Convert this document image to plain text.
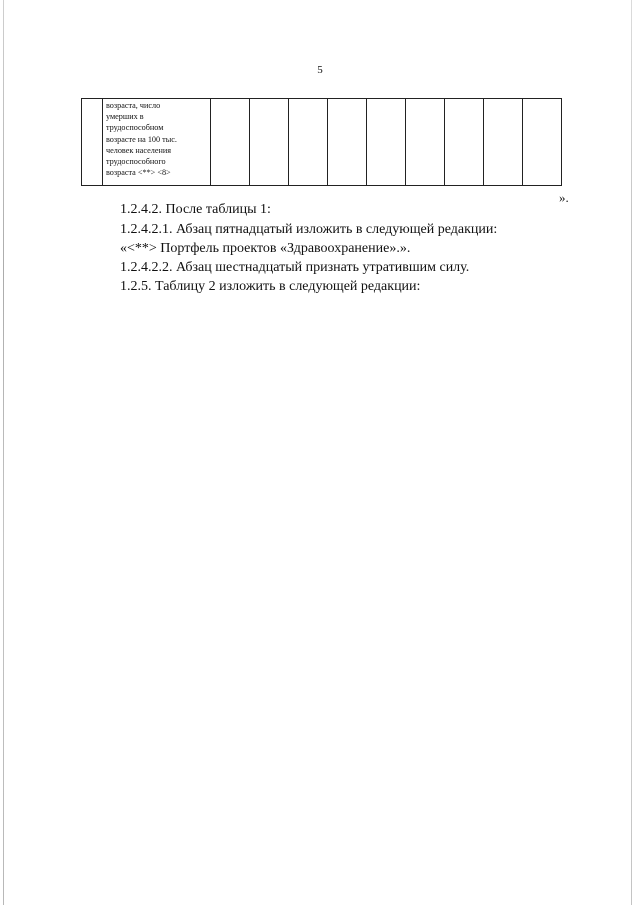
5

возраста, число
умерших в
трудоспособном
возрасте на 100 тыс.
человек населения
трудоспособного
возраста <**> <8>

».
1.2.4.2. После таблицы 1:
1.2.4.2.1. Абзац пятнадцатый изложить в следующей редакции:
«<**> Портфель проектов «Здравоохранение».».
1.2.4.2.2. Абзац шестнадцатый признать утратившим силу.
1.2.5. Таблицу 2 изложить в следующей редакции:
